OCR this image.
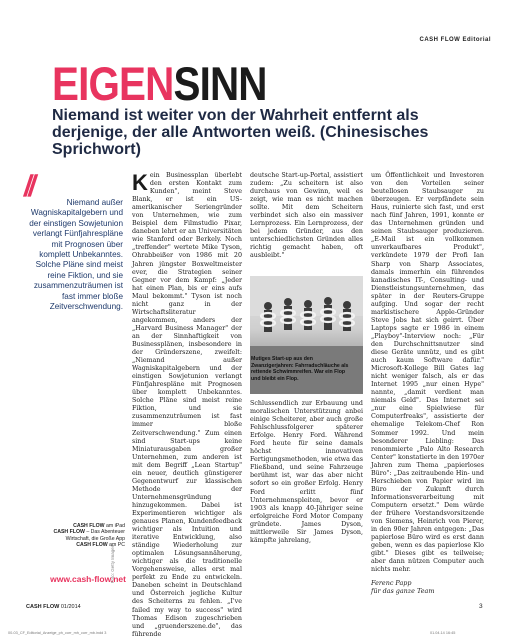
CASH FLOW Editorial
EIGENSINN
Niemand ist weiter von der Wahrheit entfernt als derjenige, der alle Antworten weiß. (Chinesisches Sprichwort)
//	Niemand außer Wagniskapitalgebern und der einstigen Sowjetunion verlangt Fünfjahrespläne mit Prognosen über komplett Unbekanntes. Solche Pläne sind meist reine Fiktion, und sie zusammenzuträumen ist fast immer bloße Zeitverschwendung.
Foto: Getty Images
CASH FLOW am iPad
CASH FLOW – Das Abenteuer Wirtschaft, die Große App
CASH FLOW am PC
www.cash-flow.net
Kein Businessplan überlebt den ersten Kontakt zum Kunden", meint Steve Blank, er ist ein US-amerikanischer Seriengründer von Unternehmen, wie zum Beispiel dem Filmstudio Pixar, daneben lehrt er an Universitäten wie Stanford oder Berkely. Noch „treffender" wertete Mike Tyson, Ohrabbeißer von 1986 mit 20 Jahren jüngster Boxweltmeister ever, die Strategien seiner Gegner vor dem Kampf: „Jeder hat einen Plan, bis er eins aufs Maul bekommt." Tyson ist noch nicht ganz in der Wirtschaftsliteratur angekommen, anders der „Harvard Business Manager" der an der Sinnhaftigkeit von Businessplänen, insbesondere in der Gründerszene, zweifelt: „Niemand außer Wagniskapitalgebern und der einstigen Sowjetunion verlangt Fünfjahrespläne mit Prognosen über komplett Unbekanntes. Solche Pläne sind meist reine Fiktion, und sie zusammenzuträumen ist fast immer bloße Zeitverschwendung." Zum einen sind Start-ups keine Miniaturausgaben großer Unternehmen, zum anderen ist mit dem Begriff „Lean Startup" ein neuer, deutlich günstigerer Gegenentwurf zur klassischen Methode der Unternehmensgründung hinzugekommen. Dabei ist Experimentieren wichtiger als genaues Planen, Kundenfeedback wichtiger als Intuition und iterative Entwicklung, also ständige Wiederholung zur optimalen Lösungsannäherung, wichtiger als die traditionelle Vorgehensweise, alles erst mal perfekt zu Ende zu entwickeln. Daneben scheint in Deutschland und Österreich jegliche Kultur des Scheiterns zu fehlen. „I've failed my way to success" wird Thomas Edison zugeschrieben und „gruenderszene.de", das führende
deutsche Start-up-Portal, assistiert zudem: „Zu scheitern ist also durchaus von Gewinn, weil es zeigt, wie man es nicht machen sollte. Mit dem Scheitern verbindet sich also ein massiver Lernprozess. Ein Lernprozess, der bei jedem Gründer, aus den unterschiedlichsten Gründen alles richtig gemacht haben, oft ausbleibt."
Mutiges Start-up aus den Zwanzigerjahren: Fahrradschläuche als rettende Schwimmreifen. War ein Flop und bleibt ein Flop.
Schlussendlich zur Erbauung und moralischen Unterstützung anbei einige Scheiterer, aber auch große Fehlschlussfolgerer späterer Erfolge. Henry Ford. Während Ford heute für seine damals höchst innovativen Fertigungsmethoden, wie etwa das Fließband, und seine Fahrzeuge berühmt ist, war das aber nicht sofort so ein großer Erfolg. Henry Ford erlitt fünf Unternehmenspleiten, bevor er 1903 als knapp 40-Jähriger seine erfolgreiche Ford Motor Company gründete. James Dyson, mittlerweile Sir James Dyson, kämpfte jahrelang,
um Öffentlichkeit und Investoren von den Vorteilen seiner beutellosen Staubsauger zu überzeugen. Er verpfändete sein Haus, ruinierte sich fast, und erst nach fünf Jahren, 1991, konnte er das Unternehmen gründen und seinen Staubsauger produzieren. „E-Mail ist ein vollkommen unverkaufbares Produkt", verkündete 1979 der Profi Ian Sharp von Sharp Associates, damals immerhin ein führendes kanadisches IT-, Consulting- und Dienstleistungsunternehmen, das später in der Reuters-Gruppe aufging. Und sogar der recht markistischere Apple-Gründer Steve Jobs hat sich geirrt. Über Laptops sagte er 1986 in einem „Playboy"-Interview noch: „Für den Durchschnittsnutzer sind diese Geräte unnütz, und es gibt auch kaum Software dafür." Microsoft-Kollege Bill Gates lag nicht weniger falsch, als er das Internet 1995 „nur einen Hype" nannte, „damit verdient man niemals Geld". Das Internet sei „nur eine Spielwiese für Computerfreaks", assistierte der ehemalige Telekom-Chef Ron Sommer 1992. Und mein besonderer Liebling: Das renommierte „Palo Alto Research Center" konstatierte in den 1970er Jahren zum Thema „papierloses Büro": „Das zeitraubende Hin- und Herschieben von Papier wird im Büro der Zukunft durch Informationsverarbeitung mit Computern ersetzt." Dem würde der frühere Vorstandsvorsitzende von Siemens, Heinrich von Pierer, in den 90er Jahren entgegen: „Das papierlose Büro wird es erst dann geben, wenn es das papierlose Klo gibt." Dieses gibt es teilweise; aber dann nützen Computer auch nichts mehr.
Ferenc Papp
für das ganze Team
CASH FLOW 01/2014	3
00-03_CF_Editorial_Anzeige_ph_corr_mh_corr_mb.indd 3	01.04.14 16:45
